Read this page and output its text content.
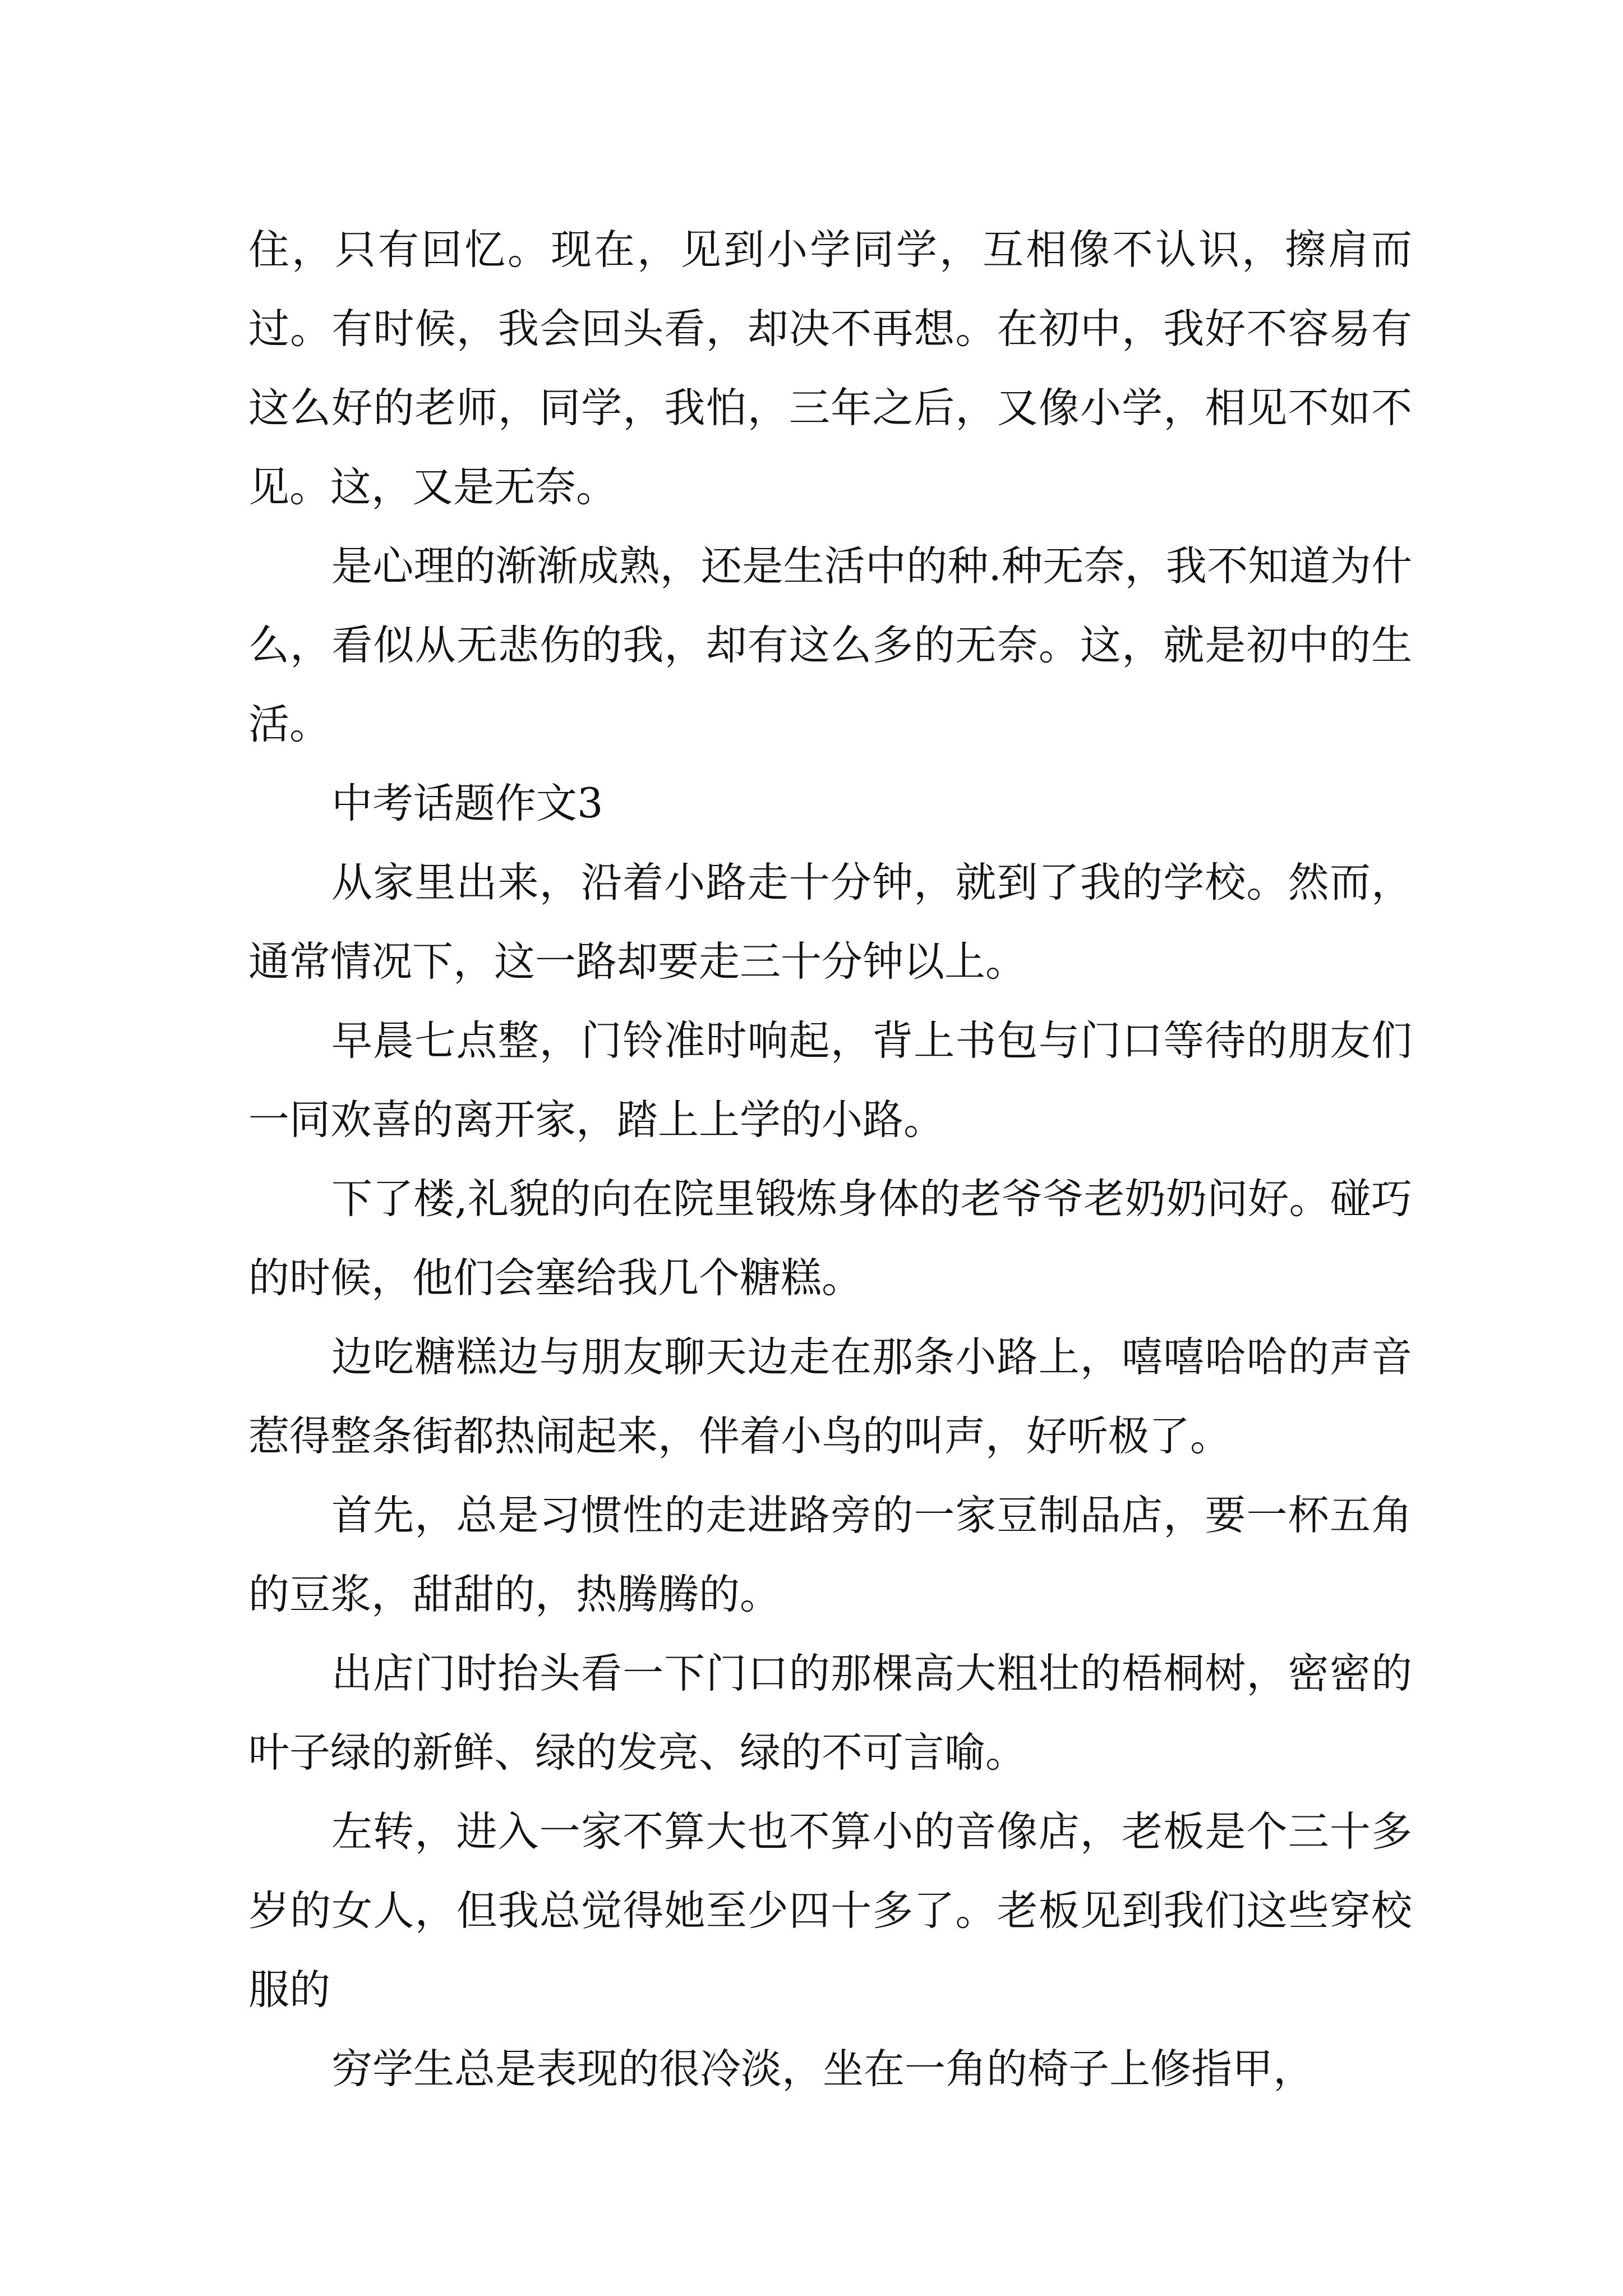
住，只有回忆。现在，见到小学同学，互相像不认识，擦肩而过。有时候，我会回头看，却决不再想。在初中，我好不容易有这么好的老师，同学，我怕，三年之后，又像小学，相见不如不见。这，又是无奈。

是心理的渐渐成熟，还是生活中的种.种无奈，我不知道为什么，看似从无悲伤的我，却有这么多的无奈。这，就是初中的生活。

中考话题作文3

从家里出来，沿着小路走十分钟，就到了我的学校。然而，通常情况下，这一路却要走三十分钟以上。

早晨七点整，门铃准时响起，背上书包与门口等待的朋友们一同欢喜的离开家，踏上上学的小路。

下了楼,礼貌的向在院里锻炼身体的老爷爷老奶奶问好。碰巧的时候，他们会塞给我几个糖糕。

边吃糖糕边与朋友聊天边走在那条小路上，嘻嘻哈哈的声音惹得整条街都热闹起来，伴着小鸟的叫声，好听极了。

首先，总是习惯性的走进路旁的一家豆制品店，要一杯五角的豆浆，甜甜的，热腾腾的。

出店门时抬头看一下门口的那棵高大粗壮的梧桐树，密密的叶子绿的新鲜、绿的发亮、绿的不可言喻。

左转，进入一家不算大也不算小的音像店，老板是个三十多岁的女人，但我总觉得她至少四十多了。老板见到我们这些穿校服的

穷学生总是表现的很冷淡，坐在一角的椅子上修指甲，
